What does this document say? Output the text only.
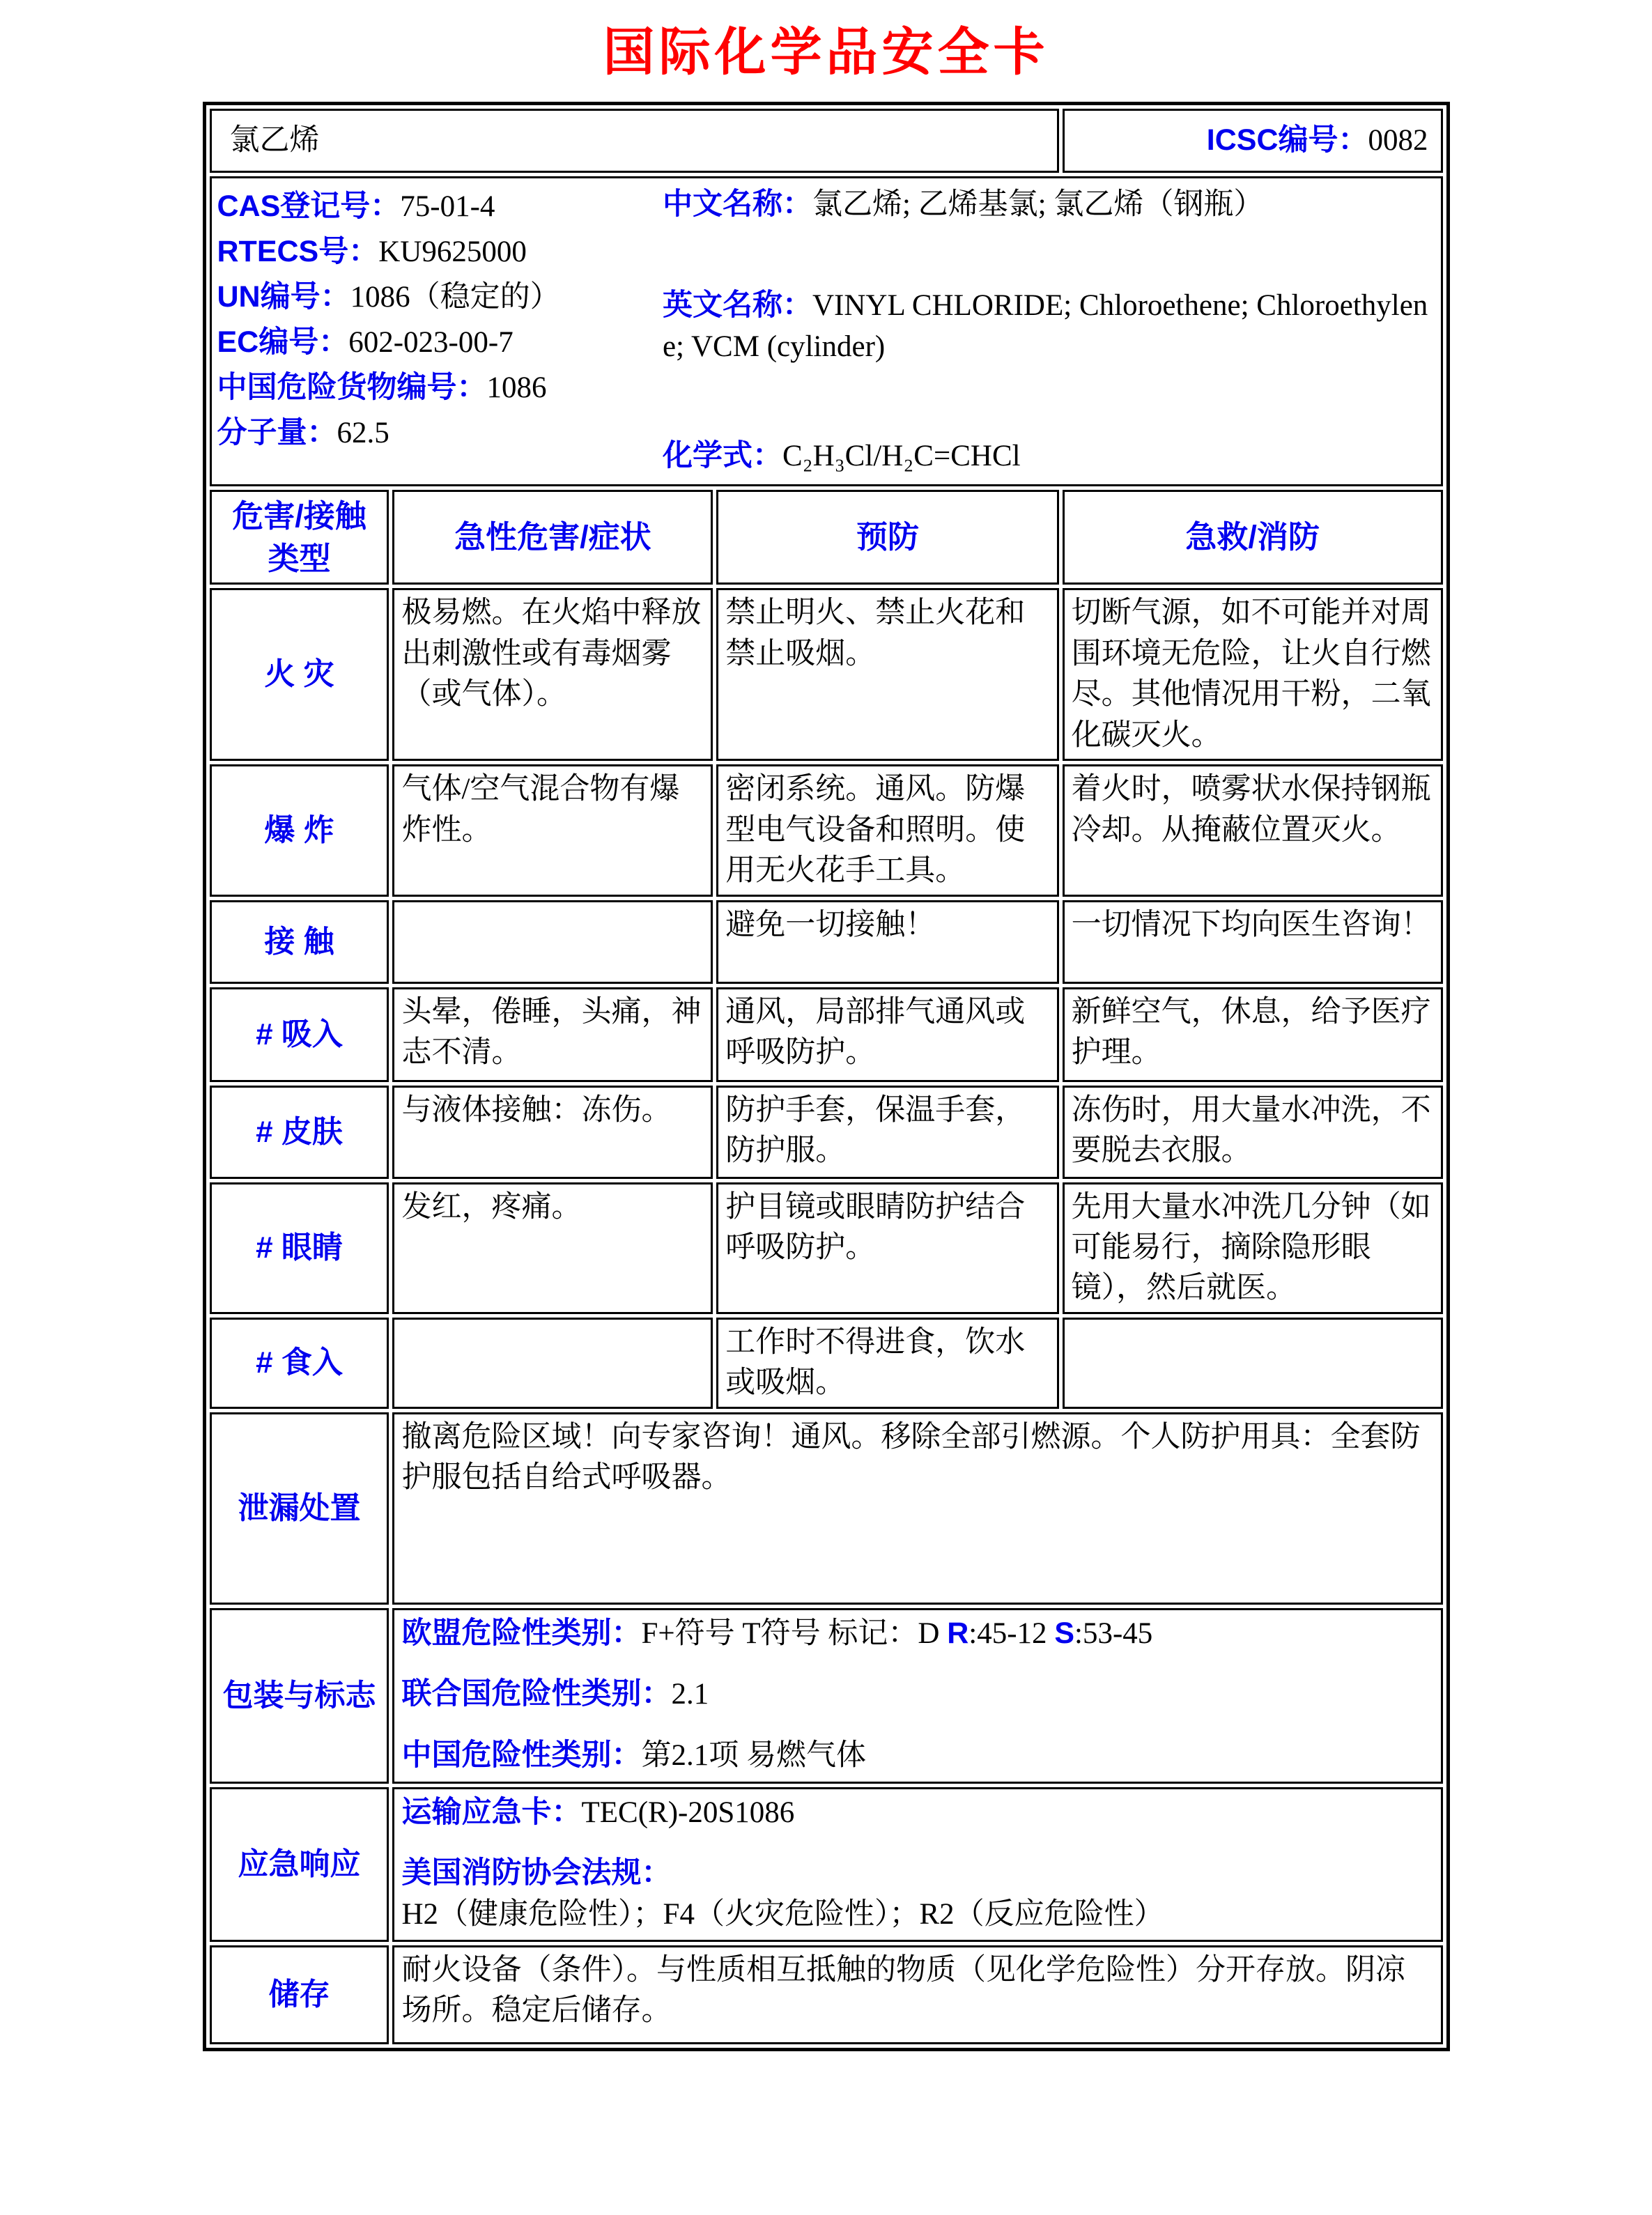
国际化学品安全卡
氯乙烯			ICSC编号：0082

CAS登记号：75-01-4

RTECS号：KU9625000

UN编号：1086（稳定的）

EC编号：602-023-00-7

中国危险货物编号：1086

分子量：62.5

中文名称：氯乙烯; 乙烯基氯; 氯乙烯（钢瓶）

英文名称：VINYL CHLORIDE; Chloroethene; Chloroethylene; VCM (cylinder)

化学式：C₂H₃Cl/H₂C=CHCl

危害/接触类型	急性危害/症状	预防	急救/消防
火 灾	极易燃。在火焰中释放出刺激性或有毒烟雾（或气体）。	禁止明火、禁止火花和禁止吸烟。	切断气源，如不可能并对周围环境无危险，让火自行燃尽。其他情况用干粉，二氧化碳灭火。
爆 炸	气体/空气混合物有爆炸性。	密闭系统。通风。防爆型电气设备和照明。使用无火花手工具。	着火时，喷雾状水保持钢瓶冷却。从掩蔽位置灭火。
接 触		避免一切接触！	一切情况下均向医生咨询！
# 吸入	头晕，倦睡，头痛，神志不清。	通风，局部排气通风或呼吸防护。	新鲜空气，休息，给予医疗护理。
# 皮肤	与液体接触：冻伤。	防护手套，保温手套，防护服。	冻伤时，用大量水冲洗，不要脱去衣服。
# 眼睛	发红，疼痛。	护目镜或眼睛防护结合呼吸防护。	先用大量水冲洗几分钟（如可能易行，摘除隐形眼镜），然后就医。
# 食入		工作时不得进食，饮水或吸烟。	
泄漏处置	撤离危险区域！向专家咨询！通风。移除全部引燃源。个人防护用具：全套防护服包括自给式呼吸器。		
包装与标志	欧盟危险性类别：F+符号 T符号 标记：D R:45-12 S:53-45

联合国危险性类别：2.1

中国危险性类别：第2.1项 易燃气体		

应急响应	运输应急卡：TEC(R)-20S1086

美国消防协会法规：H2（健康危险性）；F4（火灾危险性）；R2（反应危险性）		

储存	耐火设备（条件）。与性质相互抵触的物质（见化学危险性）分开存放。阴凉场所。稳定后储存。		
